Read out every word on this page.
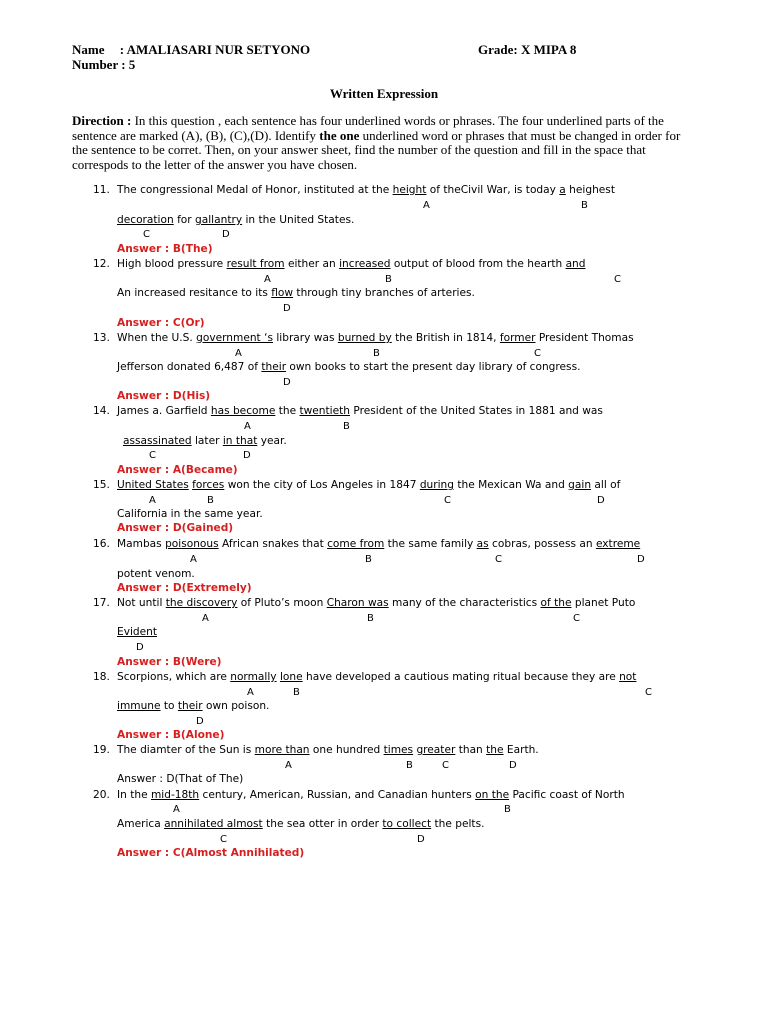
Name : AMALIASARI NUR SETYONO
Number : 5
Grade: X MIPA 8
Written Expression
Direction : In this question , each sentence has four underlined words or phrases. The four underlined parts of the sentence are marked (A), (B), (C),(D). Identify the one underlined word or phrases that must be changed in order for the sentence to be corret. Then, on your answer sheet, find the number of the question and fill in the space that correspods to the letter of the answer you have chosen.
11. The congressional Medal of Honor, instituted at the height of theCivil War, is today a heighest
decoration for gallantry in the United States.
A	B
C	D
Answer : B(The)
12. High blood pressure result from either an increased output of blood from the hearth and
An increased resitance to its flow through tiny branches of arteries.
A	B	C
D
Answer : C(Or)
13. When the U.S. government ‘s library was burned by the British in 1814, former President Thomas
Jefferson donated 6,487 of their own books to start the present day library of congress.
A	B	C
D
Answer : D(His)
14. James a. Garfield has become the twentieth President of the United States in 1881 and was
assassinated later in that year.
A	B
C	D
Answer : A(Became)
15. United States forces won the city of Los Angeles in 1847 during the Mexican Wa and gain all of
California in the same year.
A	B	C	D
Answer : D(Gained)
16. Mambas poisonous African snakes that come from the same family as cobras, possess an extreme
potent venom.
A	B	C	D
Answer : D(Extremely)
17. Not until the discovery of Pluto’s moon Charon was many of the characteristics of the planet Puto
Evident
A	B	C
D
Answer : B(Were)
18. Scorpions, which are normally lone have developed a cautious mating ritual because they are not
immune to their own poison.
A	B	C
D
Answer : B(Alone)
19. The diamter of the Sun is more than one hundred times greater than the Earth.
A	B	C	D
Answer : D(That of The)
20. In the mid-18th century, American, Russian, and Canadian hunters on the Pacific coast of North
America annihilated almost the sea otter in order to collect the pelts.
A	B
C	D
Answer : C(Almost Annihilated)
